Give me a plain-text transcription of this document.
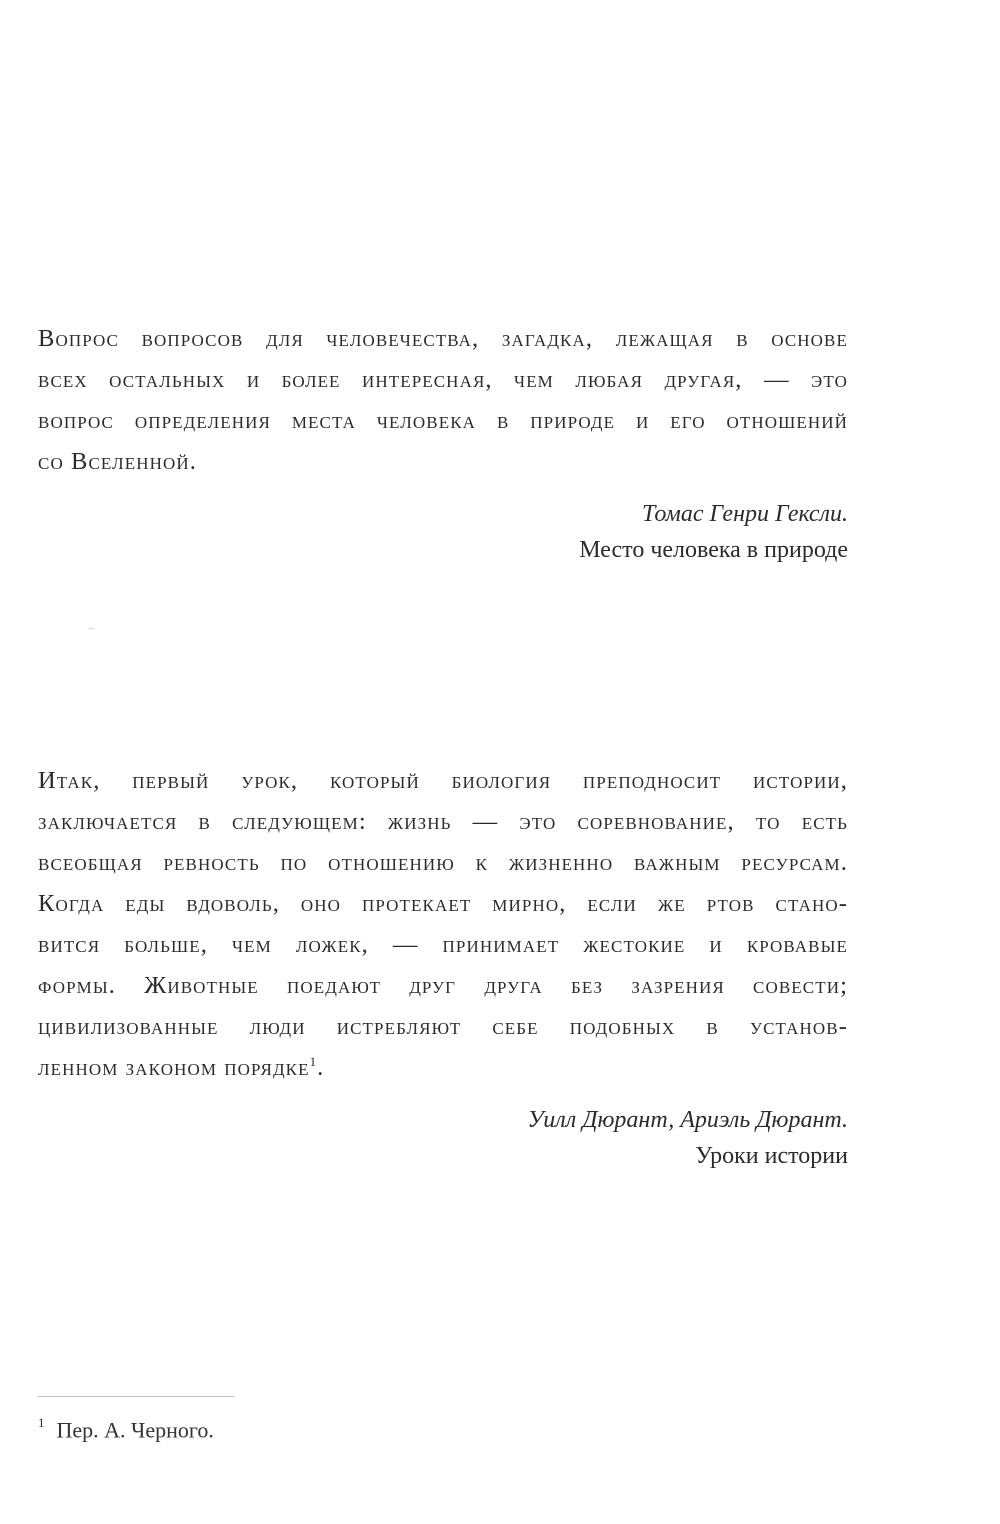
Вопрос вопросов для человечества, загадка, лежащая в основе
всех остальных и более интересная, чем любая другая, — это
вопрос определения места человека в природе и его отношений
со Вселенной.
Томас Генри Гексли.
Место человека в природе
Итак, первый урок, который биология преподносит истории,
заключается в следующем: жизнь — это соревнование, то есть
всеобщая ревность по отношению к жизненно важным ресурсам.
Когда еды вдоволь, оно протекает мирно, если же ртов стано-
вится больше, чем ложек, — принимает жестокие и кровавые
формы. Животные поедают друг друга без зазрения совести;
цивилизованные люди истребляют себе подобных в установ-
ленном законом порядке$^1$.
Уилл Дюрант, Ариэль Дюрант.
Уроки истории
$^1$ Пер. А. Черного.
